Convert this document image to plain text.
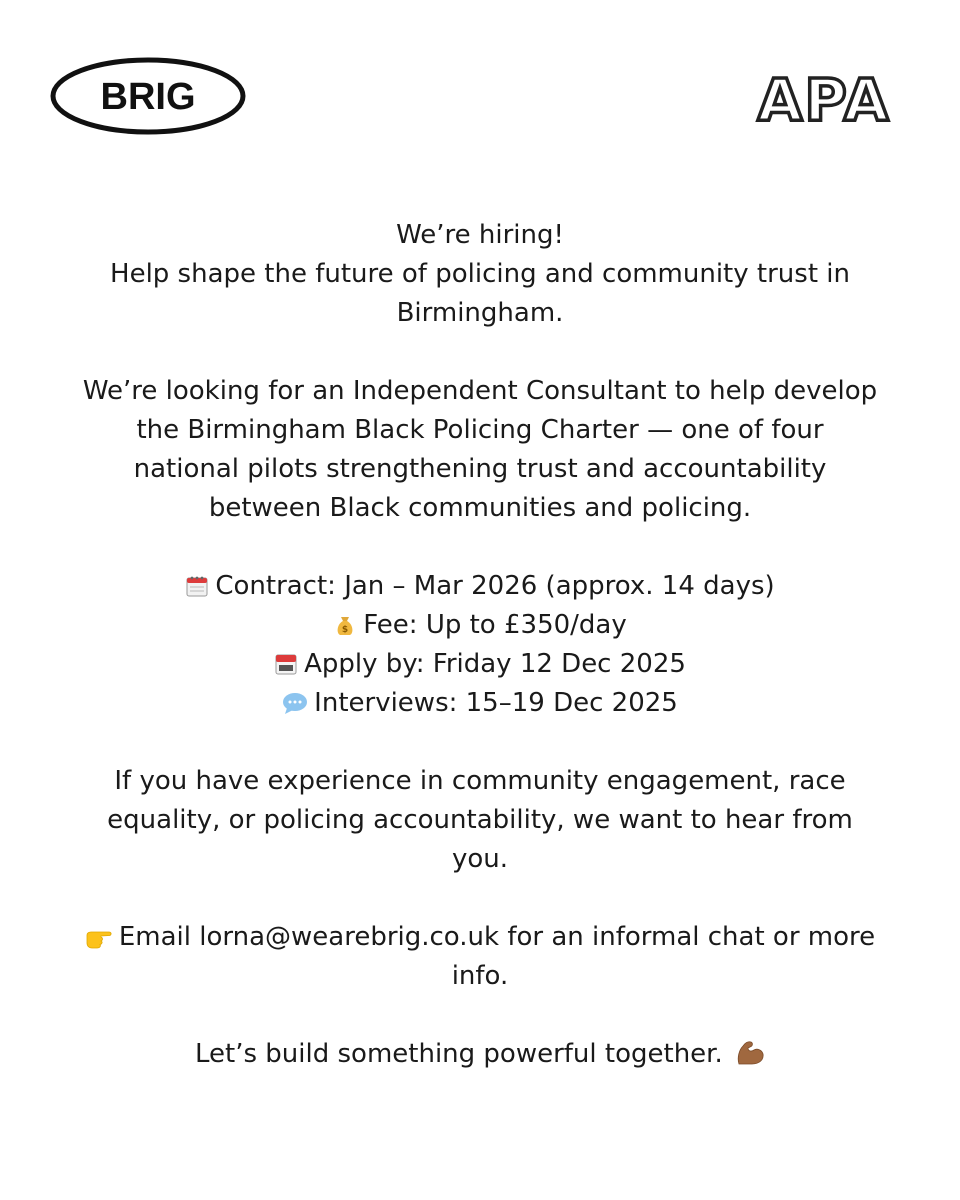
BRIG	APA

We’re hiring!

Help shape the future of policing and community trust in Birmingham.

We’re looking for an Independent Consultant to help develop the Birmingham Black Policing Charter — one of four national pilots strengthening trust and accountability between Black communities and policing.

Contract: Jan – Mar 2026 (approx. 14 days)
$ Fee: Up to £350/day
Apply by: Friday 12 Dec 2025
Interviews: 15–19 Dec 2025

If you have experience in community engagement, race equality, or policing accountability, we want to hear from you.

Email lorna@wearebrig.co.uk for an informal chat or more info.

Let’s build something powerful together.
